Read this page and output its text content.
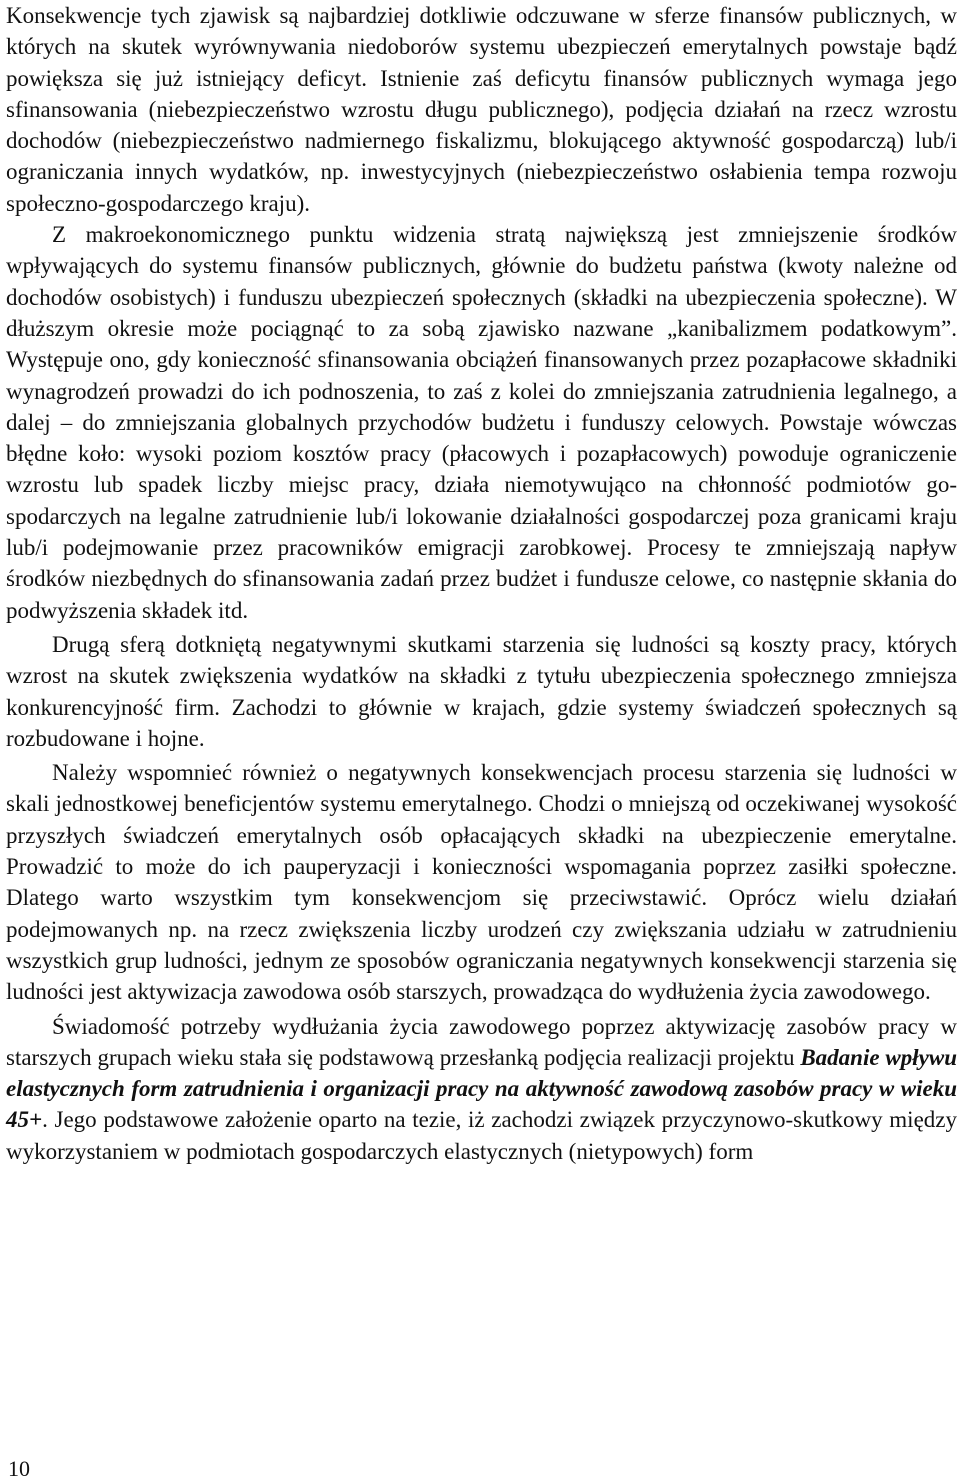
Konsekwencje tych zjawisk są najbardziej dotkliwie odczuwane w sferze finansów publicznych, w których na skutek wyrównywania niedoborów systemu ubezpieczeń emerytalnych powstaje bądź powiększa się już istniejący deficyt. Istnienie zaś deficytu finansów publicznych wymaga jego sfinansowania (niebezpieczeństwo wzrostu długu publicznego), podjęcia działań na rzecz wzrostu dochodów (niebezpieczeństwo nadmiernego fiskalizmu, blokującego aktywność gospodarczą) lub/i ograniczania innych wydatków, np. inwestycyjnych (niebezpieczeństwo osłabienia tempa rozwoju społeczno-gospodarczego kraju).

Z makroekonomicznego punktu widzenia stratą największą jest zmniejszenie środków wpływających do systemu finansów publicznych, głównie do budżetu państwa (kwoty należne od dochodów osobistych) i funduszu ubezpieczeń społecznych (składki na ubezpieczenia społeczne). W dłuższym okresie może pociągnąć to za sobą zjawisko nazwane „kanibalizmem podatkowym”. Występuje ono, gdy konieczność sfinansowania obciążeń finansowanych przez pozapłacowe składniki wynagrodzeń prowadzi do ich podnoszenia, to zaś z kolei do zmniejszania zatrudnienia legalnego, a dalej – do zmniejszania globalnych przychodów budżetu i funduszy celowych. Powstaje wówczas błędne koło: wysoki poziom kosztów pracy (płacowych i pozapłacowych) powoduje ograniczenie wzrostu lub spadek liczby miejsc pracy, działa niemotywująco na chłonność podmiotów gospodarczych na legalne zatrudnienie lub/i lokowanie działalności gospodarczej poza granicami kraju lub/i podejmowanie przez pracowników emigracji zarobkowej. Procesy te zmniejszają napływ środków niezbędnych do sfinansowania zadań przez budżet i fundusze celowe, co następnie skłania do podwyższenia składek itd.

Drugą sferą dotkniętą negatywnymi skutkami starzenia się ludności są koszty pracy, których wzrost na skutek zwiększenia wydatków na składki z tytułu ubezpieczenia społecznego zmniejsza konkurencyjność firm. Zachodzi to głównie w krajach, gdzie systemy świadczeń społecznych są rozbudowane i hojne.

Należy wspomnieć również o negatywnych konsekwencjach procesu starzenia się ludności w skali jednostkowej beneficjentów systemu emerytalnego. Chodzi o mniejszą od oczekiwanej wysokość przyszłych świadczeń emerytalnych osób opłacających składki na ubezpieczenie emerytalne. Prowadzić to może do ich pauperyzacji i konieczności wspomagania poprzez zasiłki społeczne. Dlatego warto wszystkim tym konsekwencjom się przeciwstawić. Oprócz wielu działań podejmowanych np. na rzecz zwiększenia liczby urodzeń czy zwiększania udziału w zatrudnieniu wszystkich grup ludności, jednym ze sposobów ograniczania negatywnych konsekwencji starzenia się ludności jest aktywizacja zawodowa osób starszych, prowadząca do wydłużenia życia zawodowego.

Świadomość potrzeby wydłużania życia zawodowego poprzez aktywizację zasobów pracy w starszych grupach wieku stała się podstawową przesłanką podjęcia realizacji projektu Badanie wpływu elastycznych form zatrudnienia i organizacji pracy na aktywność zawodową zasobów pracy w wieku 45+. Jego podstawowe założenie oparto na tezie, iż zachodzi związek przyczynowo-skutkowy między wykorzystaniem w podmiotach gospodarczych elastycznych (nietypowych) form

10
